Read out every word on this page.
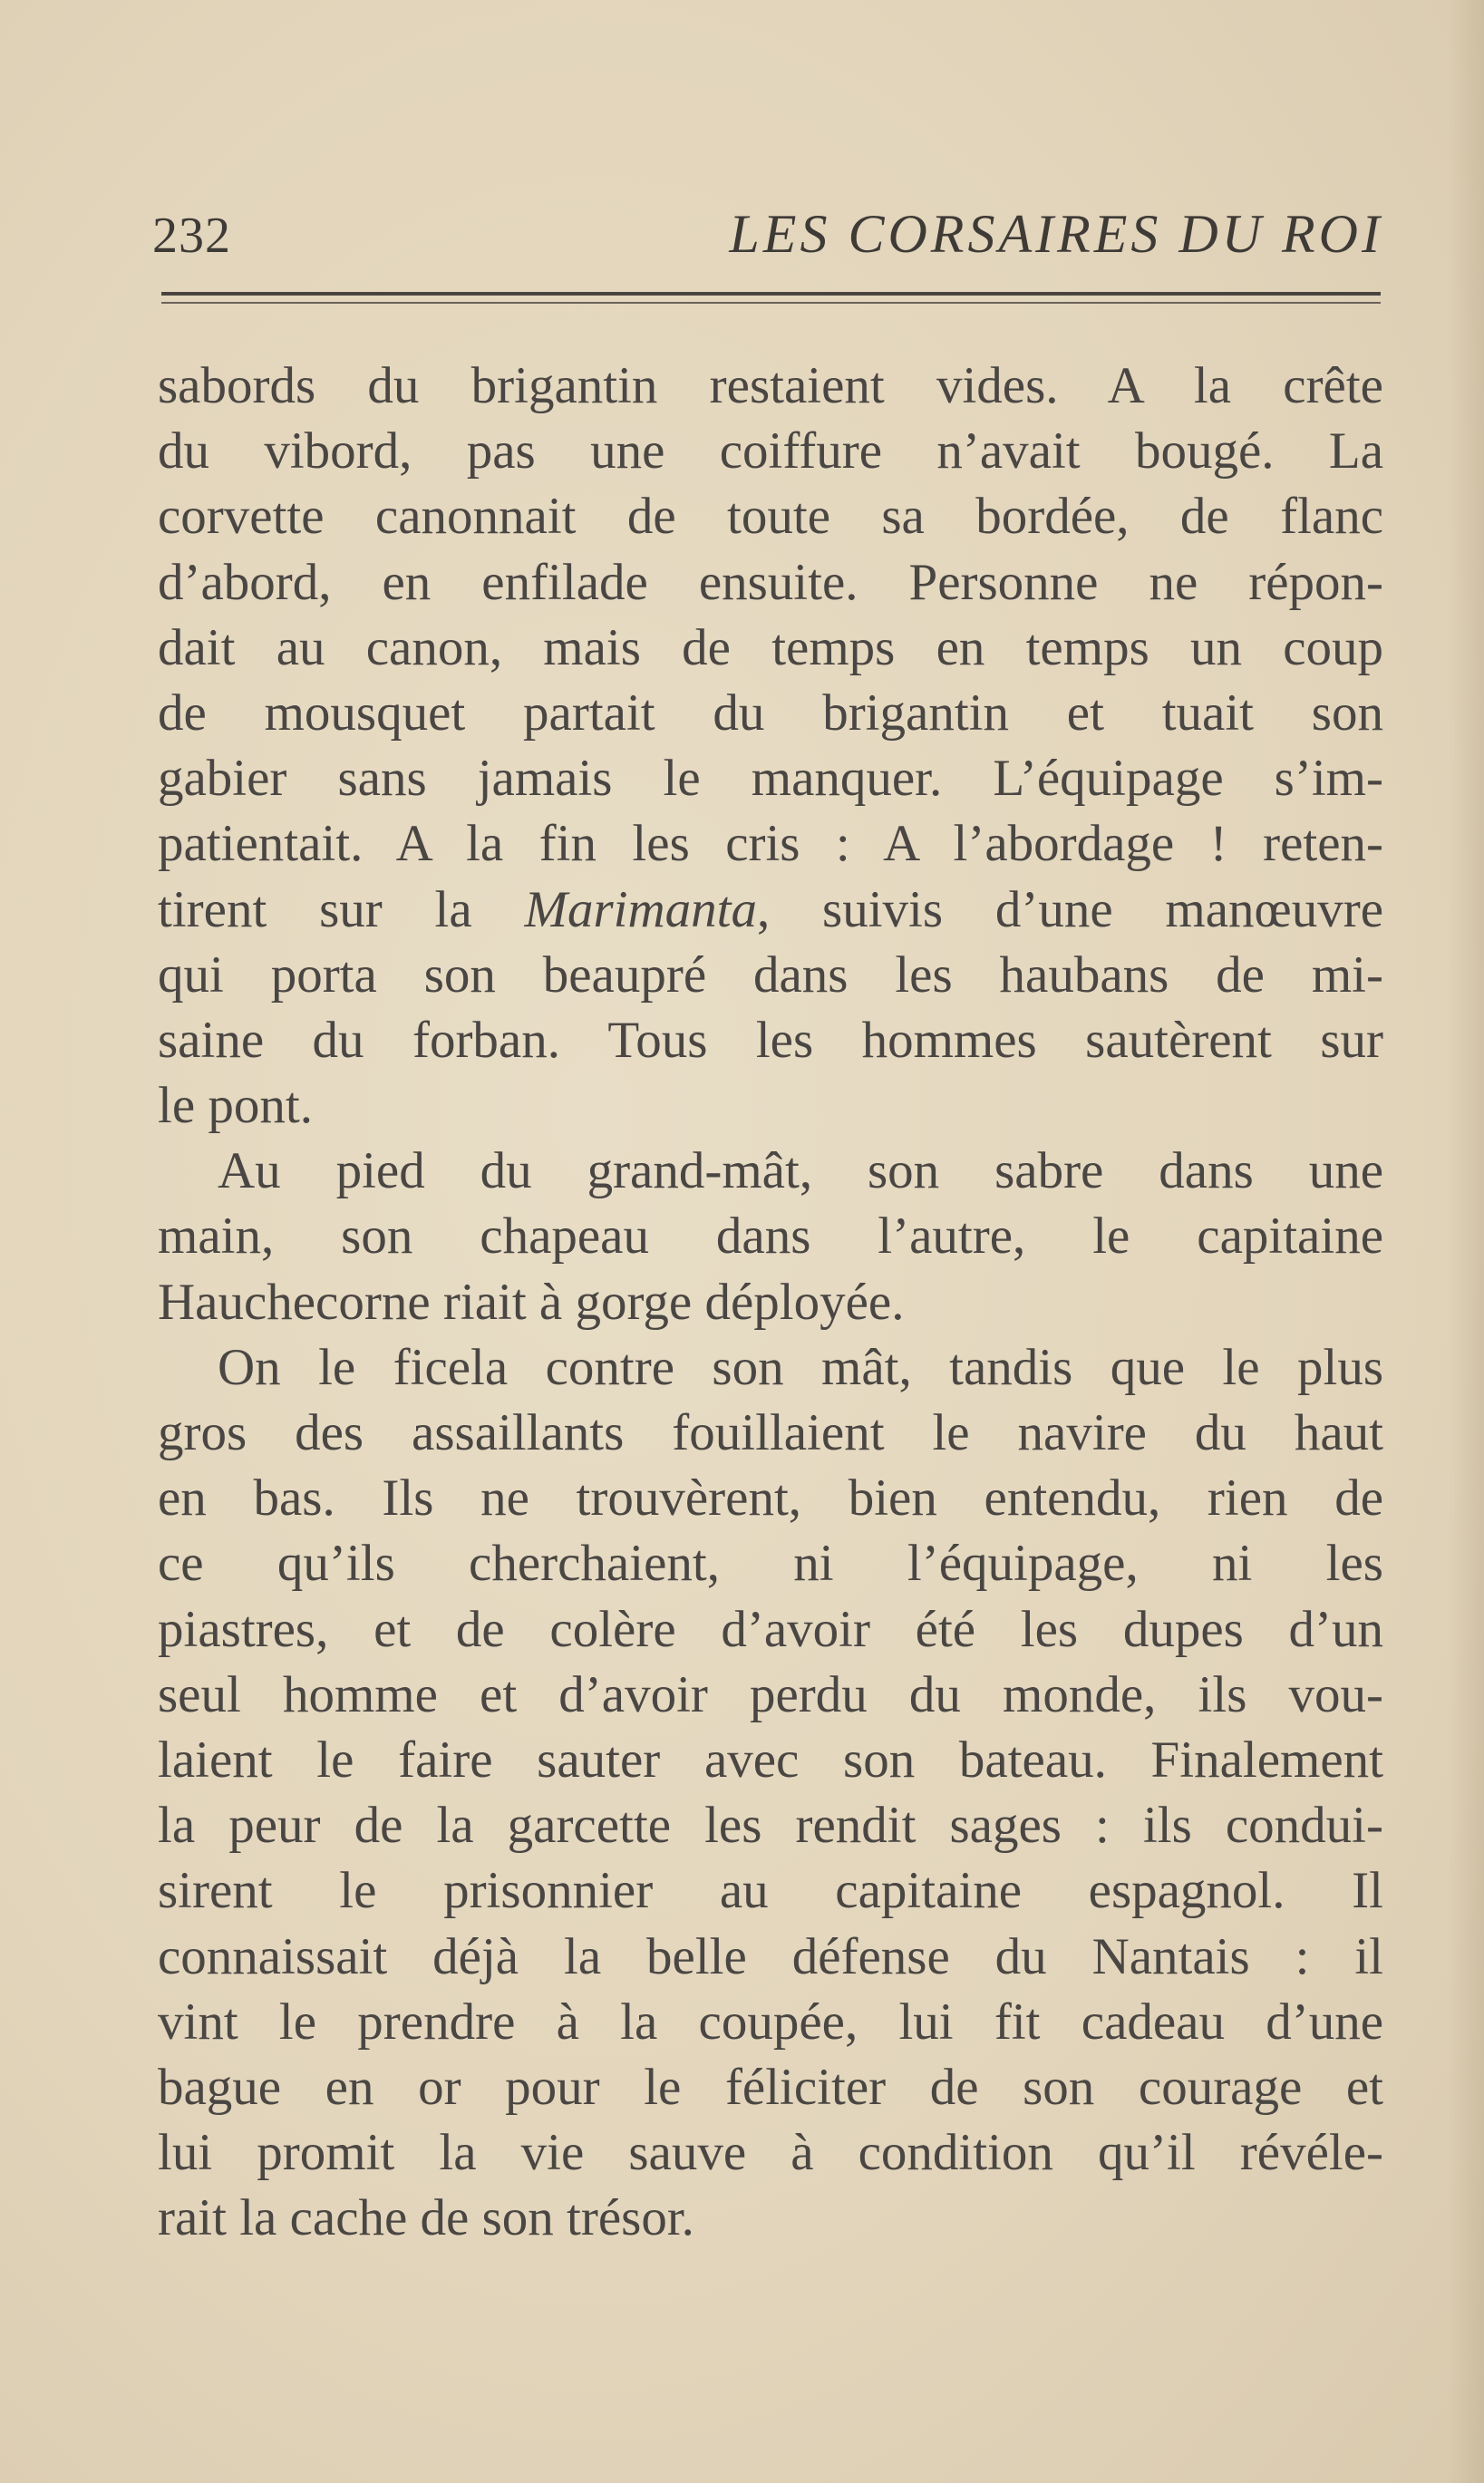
232	LES CORSAIRES DU ROI
sabords du brigantin restaient vides. A la crête
du vibord, pas une coiffure n’avait bougé. La
corvette canonnait de toute sa bordée, de flanc
d’abord, en enfilade ensuite. Personne ne répon-
dait au canon, mais de temps en temps un coup
de mousquet partait du brigantin et tuait son
gabier sans jamais le manquer. L’équipage s’im-
patientait. A la fin les cris : A l’abordage ! reten-
tirent sur la Marimanta, suivis d’une manœuvre
qui porta son beaupré dans les haubans de mi-
saine du forban. Tous les hommes sautèrent sur
le pont.
Au pied du grand-mât, son sabre dans une
main, son chapeau dans l’autre, le capitaine
Hauchecorne riait à gorge déployée.
On le ficela contre son mât, tandis que le plus
gros des assaillants fouillaient le navire du haut
en bas. Ils ne trouvèrent, bien entendu, rien de
ce qu’ils cherchaient, ni l’équipage, ni les
piastres, et de colère d’avoir été les dupes d’un
seul homme et d’avoir perdu du monde, ils vou-
laient le faire sauter avec son bateau. Finalement
la peur de la garcette les rendit sages : ils condui-
sirent le prisonnier au capitaine espagnol. Il
connaissait déjà la belle défense du Nantais : il
vint le prendre à la coupée, lui fit cadeau d’une
bague en or pour le féliciter de son courage et
lui promit la vie sauve à condition qu’il révéle-
rait la cache de son trésor.
